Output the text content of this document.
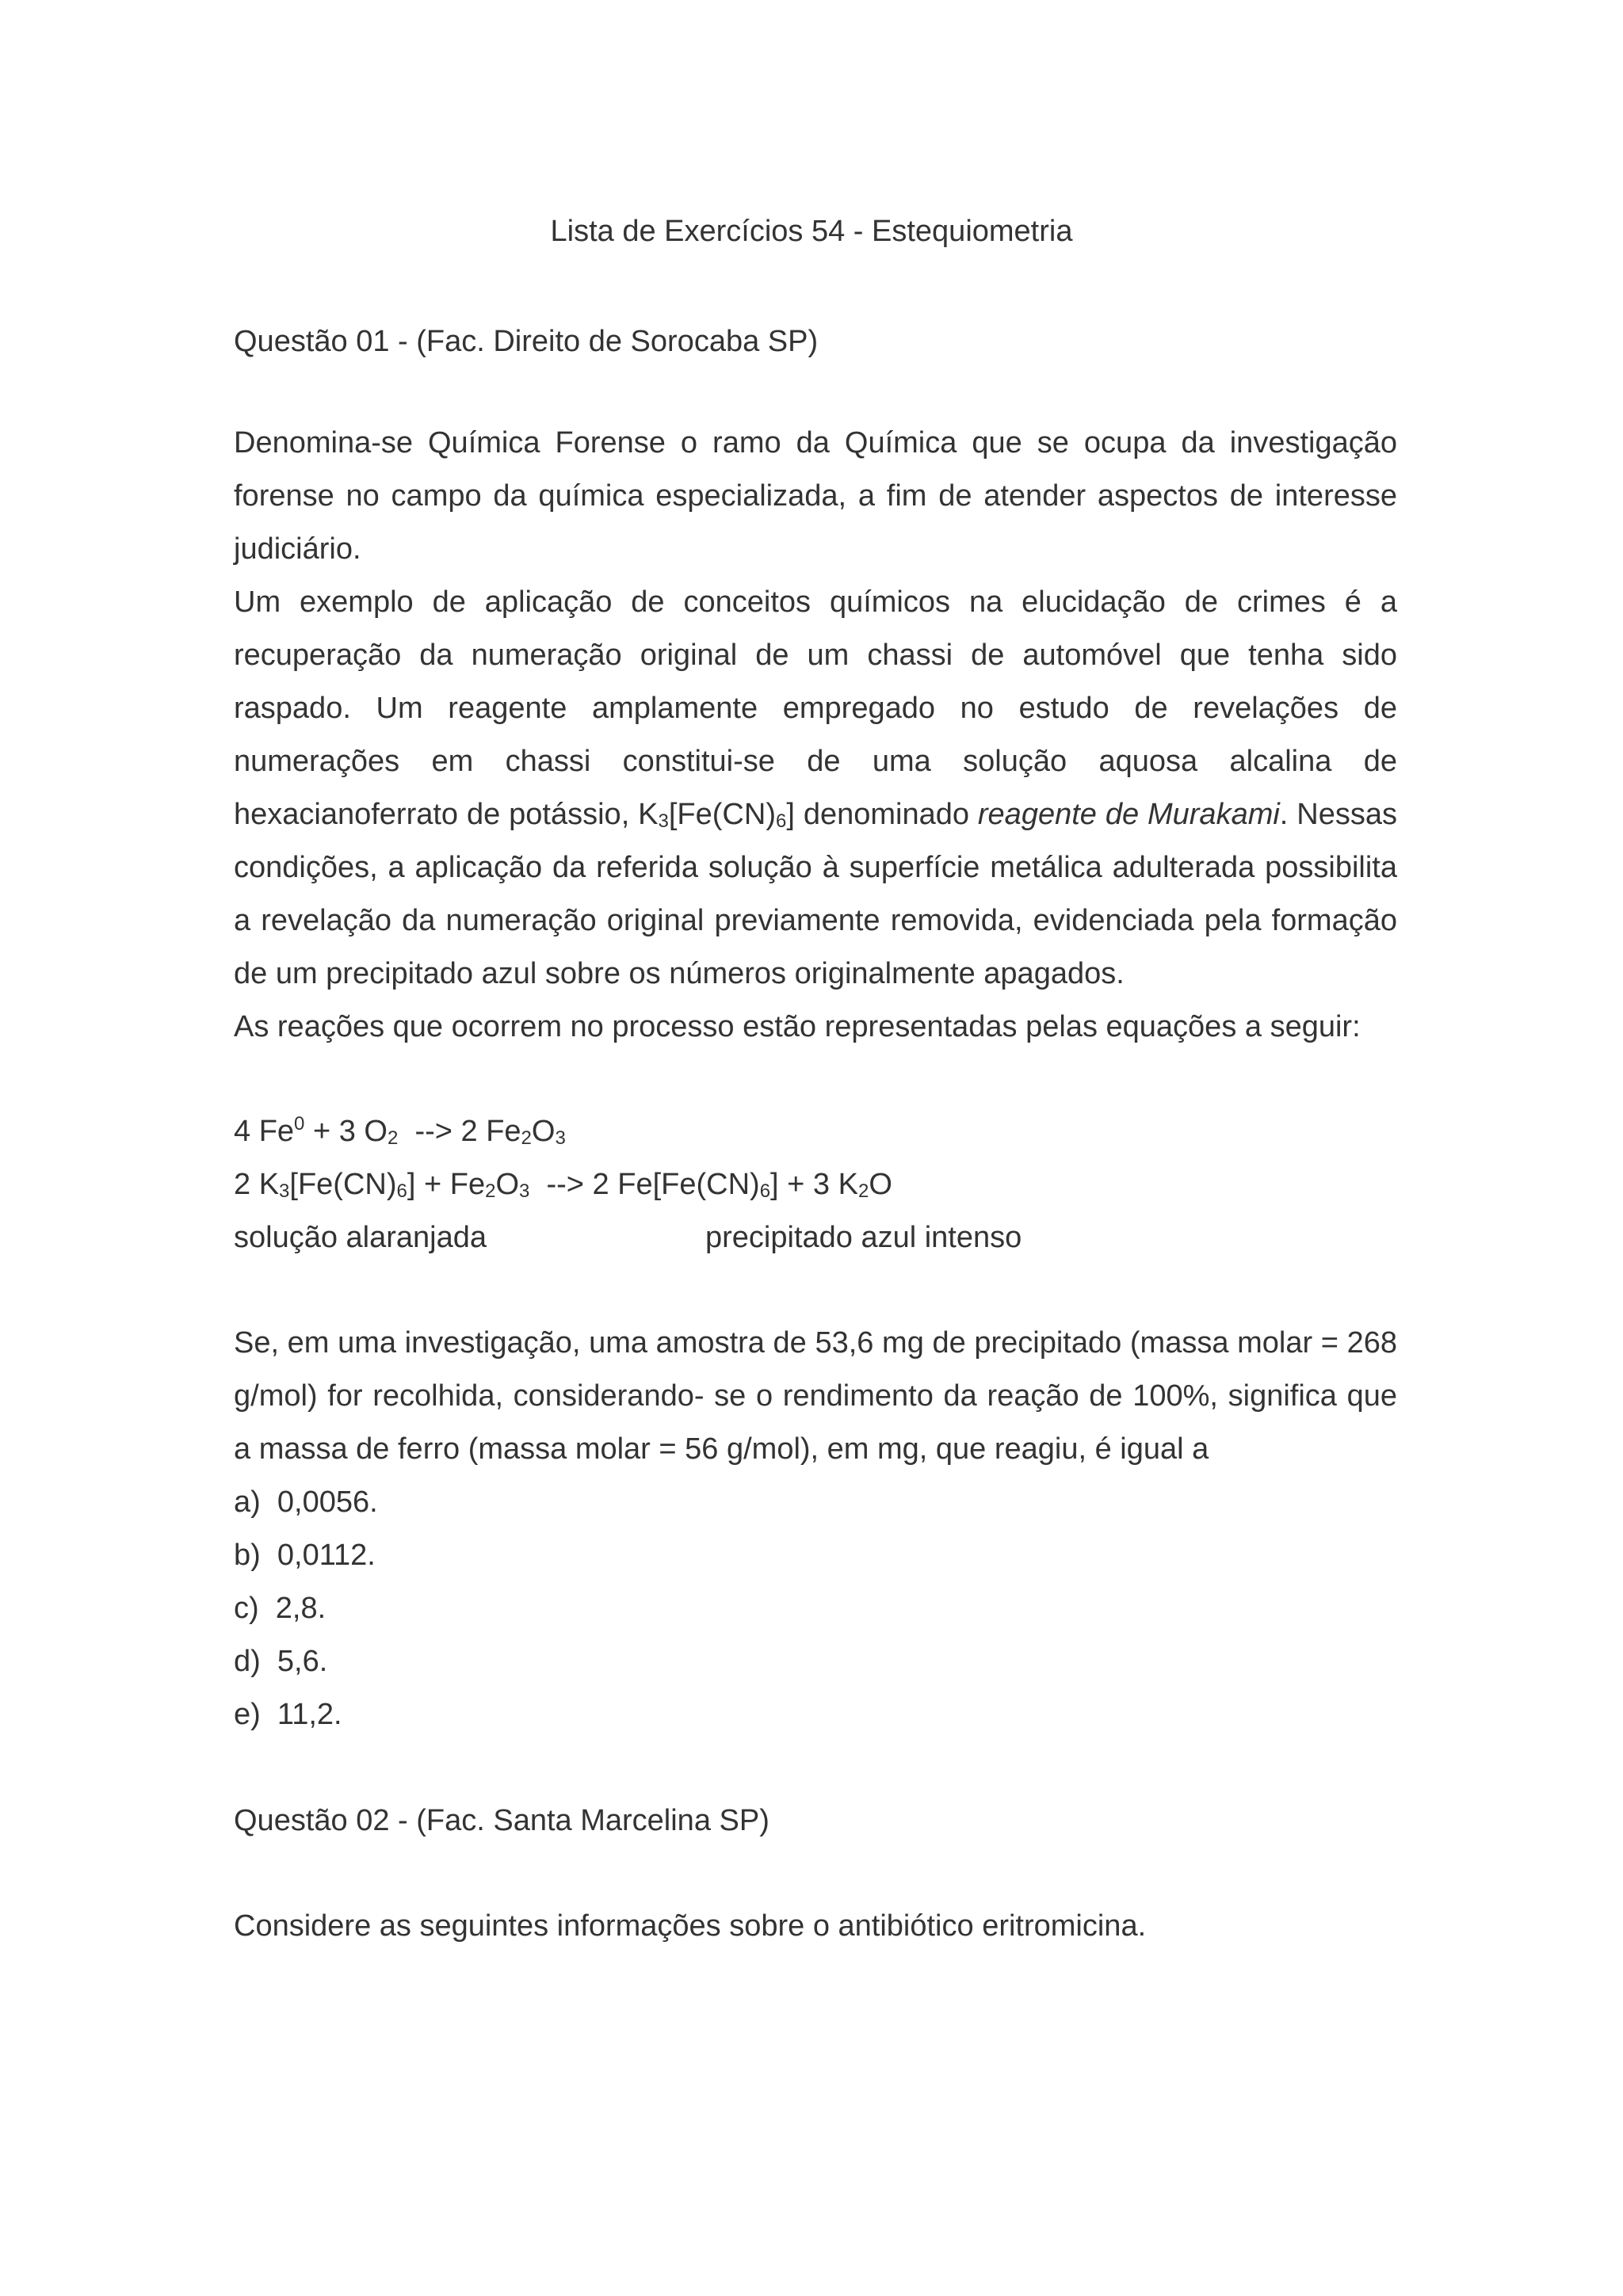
Lista de Exercícios 54 - Estequiometria
Questão 01 - (Fac. Direito de Sorocaba SP)

Denomina-se Química Forense o ramo da Química que se ocupa da investigação forense no campo da química especializada, a fim de atender aspectos de interesse judiciário.

Um exemplo de aplicação de conceitos químicos na elucidação de crimes é a recuperação da numeração original de um chassi de automóvel que tenha sido raspado. Um reagente amplamente empregado no estudo de revelações de numerações em chassi constitui-se de uma solução aquosa alcalina de hexacianoferrato de potássio, $K_3[Fe(CN)_6]$ denominado reagente de Murakami. Nessas condições, a aplicação da referida solução à superfície metálica adulterada possibilita a revelação da numeração original previamente removida, evidenciada pela formação de um precipitado azul sobre os números originalmente apagados.

As reações que ocorrem no processo estão representadas pelas equações a seguir:

4 $Fe^0 + 3$ $O_2$  --> 2 $Fe_2O_3$

2 $K_3[Fe(CN)_6] + Fe_2O_3$  --> 2 $Fe[Fe(CN)_6] + 3$ $K_2O$

solução alaranjada	precipitado azul intenso

Se, em uma investigação, uma amostra de 53,6 mg de precipitado (massa molar = 268 g/mol) for recolhida, considerando- se o rendimento da reação de 100%, significa que a massa de ferro (massa molar = 56 g/mol), em mg, que reagiu, é igual a

a)  0,0056.

b)  0,0112.

c)  2,8.

d)  5,6.

e)  11,2.

Questão 02 - (Fac. Santa Marcelina SP)
Considere as seguintes informações sobre o antibiótico eritromicina.
